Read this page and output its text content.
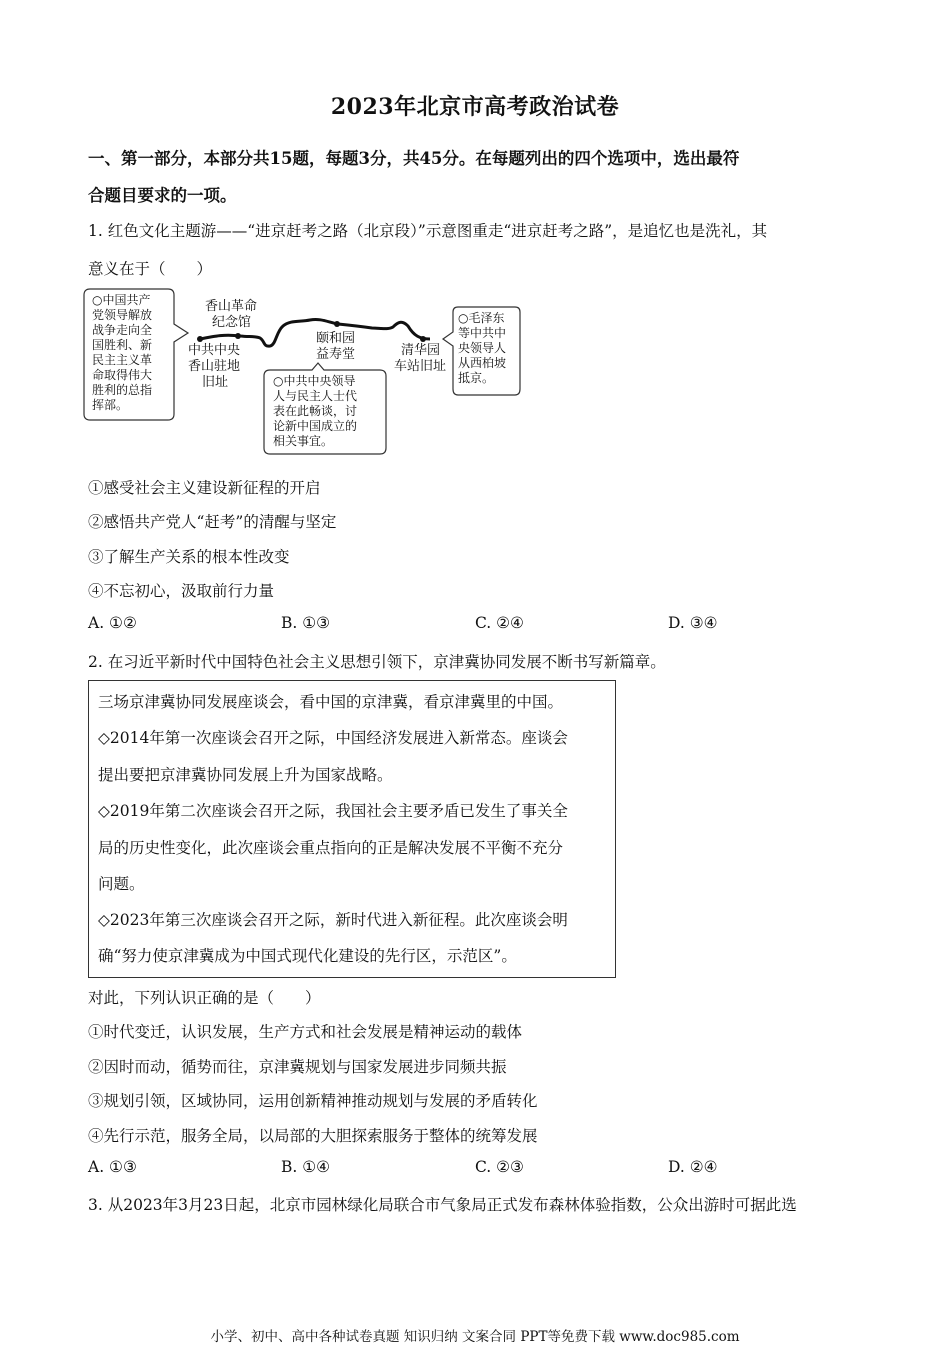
2023年北京市高考政治试卷
一、第一部分，本部分共15题，每题3分，共45分。在每题列出的四个选项中，选出最符
合题目要求的一项。
1. 红色文化主题游——“进京赶考之路（北京段）”示意图重走“进京赶考之路”，是追忆也是洗礼，其
意义在于（　　）
○中国共产 党领导解放 战争走向全 国胜利、新 民主主义革 命取得伟大 胜利的总指 挥部。
香山革命 纪念馆
中共中央 香山驻地 旧址
颐和园 益寿堂	清华园 车站旧址
○中共中央领导 人与民主人士代 表在此畅谈，讨 论新中国成立的 相关事宜。
○毛泽东 等中共中 央领导人 从西柏坡 抵京。
①感受社会主义建设新征程的开启
②感悟共产党人“赶考”的清醒与坚定
③了解生产关系的根本性改变
④不忘初心，汲取前行力量
A. ①②	B. ①③	C. ②④	D. ③④
2. 在习近平新时代中国特色社会主义思想引领下，京津冀协同发展不断书写新篇章。
三场京津冀协同发展座谈会，看中国的京津冀，看京津冀里的中国。
◇2014年第一次座谈会召开之际，中国经济发展进入新常态。座谈会
提出要把京津冀协同发展上升为国家战略。
◇2019年第二次座谈会召开之际，我国社会主要矛盾已发生了事关全
局的历史性变化，此次座谈会重点指向的正是解决发展不平衡不充分
问题。
◇2023年第三次座谈会召开之际，新时代进入新征程。此次座谈会明
确“努力使京津冀成为中国式现代化建设的先行区，示范区”。
对此，下列认识正确的是（　　）
①时代变迁，认识发展，生产方式和社会发展是精神运动的载体
②因时而动，循势而往，京津冀规划与国家发展进步同频共振
③规划引领，区域协同，运用创新精神推动规划与发展的矛盾转化
④先行示范，服务全局，以局部的大胆探索服务于整体的统筹发展
A. ①③	B. ①④	C. ②③	D. ②④
3. 从2023年3月23日起，北京市园林绿化局联合市气象局正式发布森林体验指数，公众出游时可据此选
小学、初中、高中各种试卷真题 知识归纳 文案合同 PPT等免费下载 www.doc985.com
